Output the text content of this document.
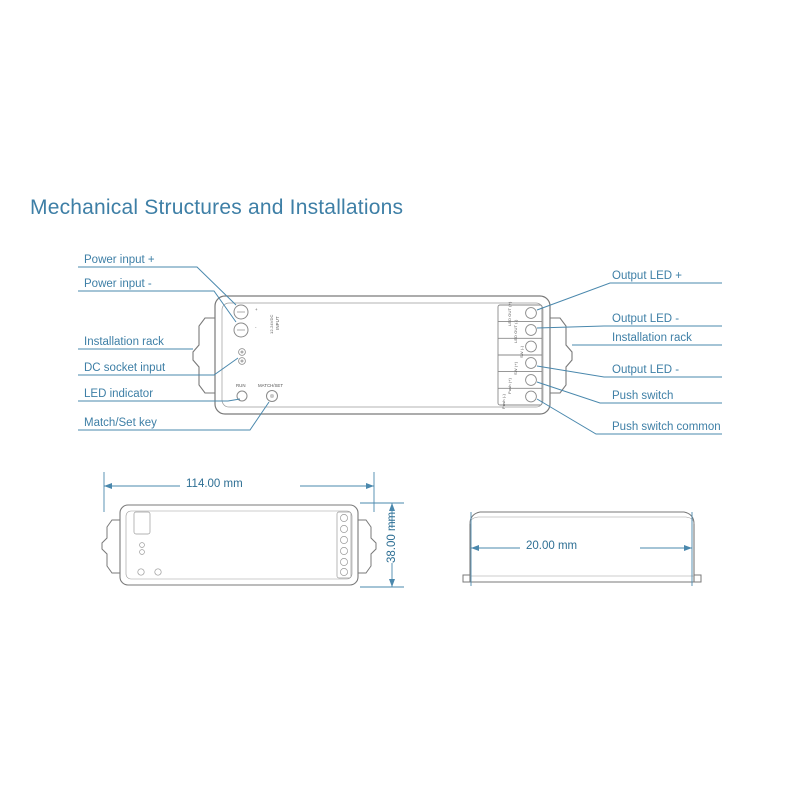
Mechanical Structures and Installations
Power input +
Power input -
Installation rack
DC socket input
LED indicator
Match/Set key
Output LED +
Output LED -
Installation rack
Output LED -
Push switch
Push switch common
+
-	INPUT
12-24VDC
RUN	MATCH/SET
LED OUT (+)
LED OUT (-)
SW (-)
SW (+)
Push (+)
Push (-)
114.00 mm
38.00 mm	20.00 mm
